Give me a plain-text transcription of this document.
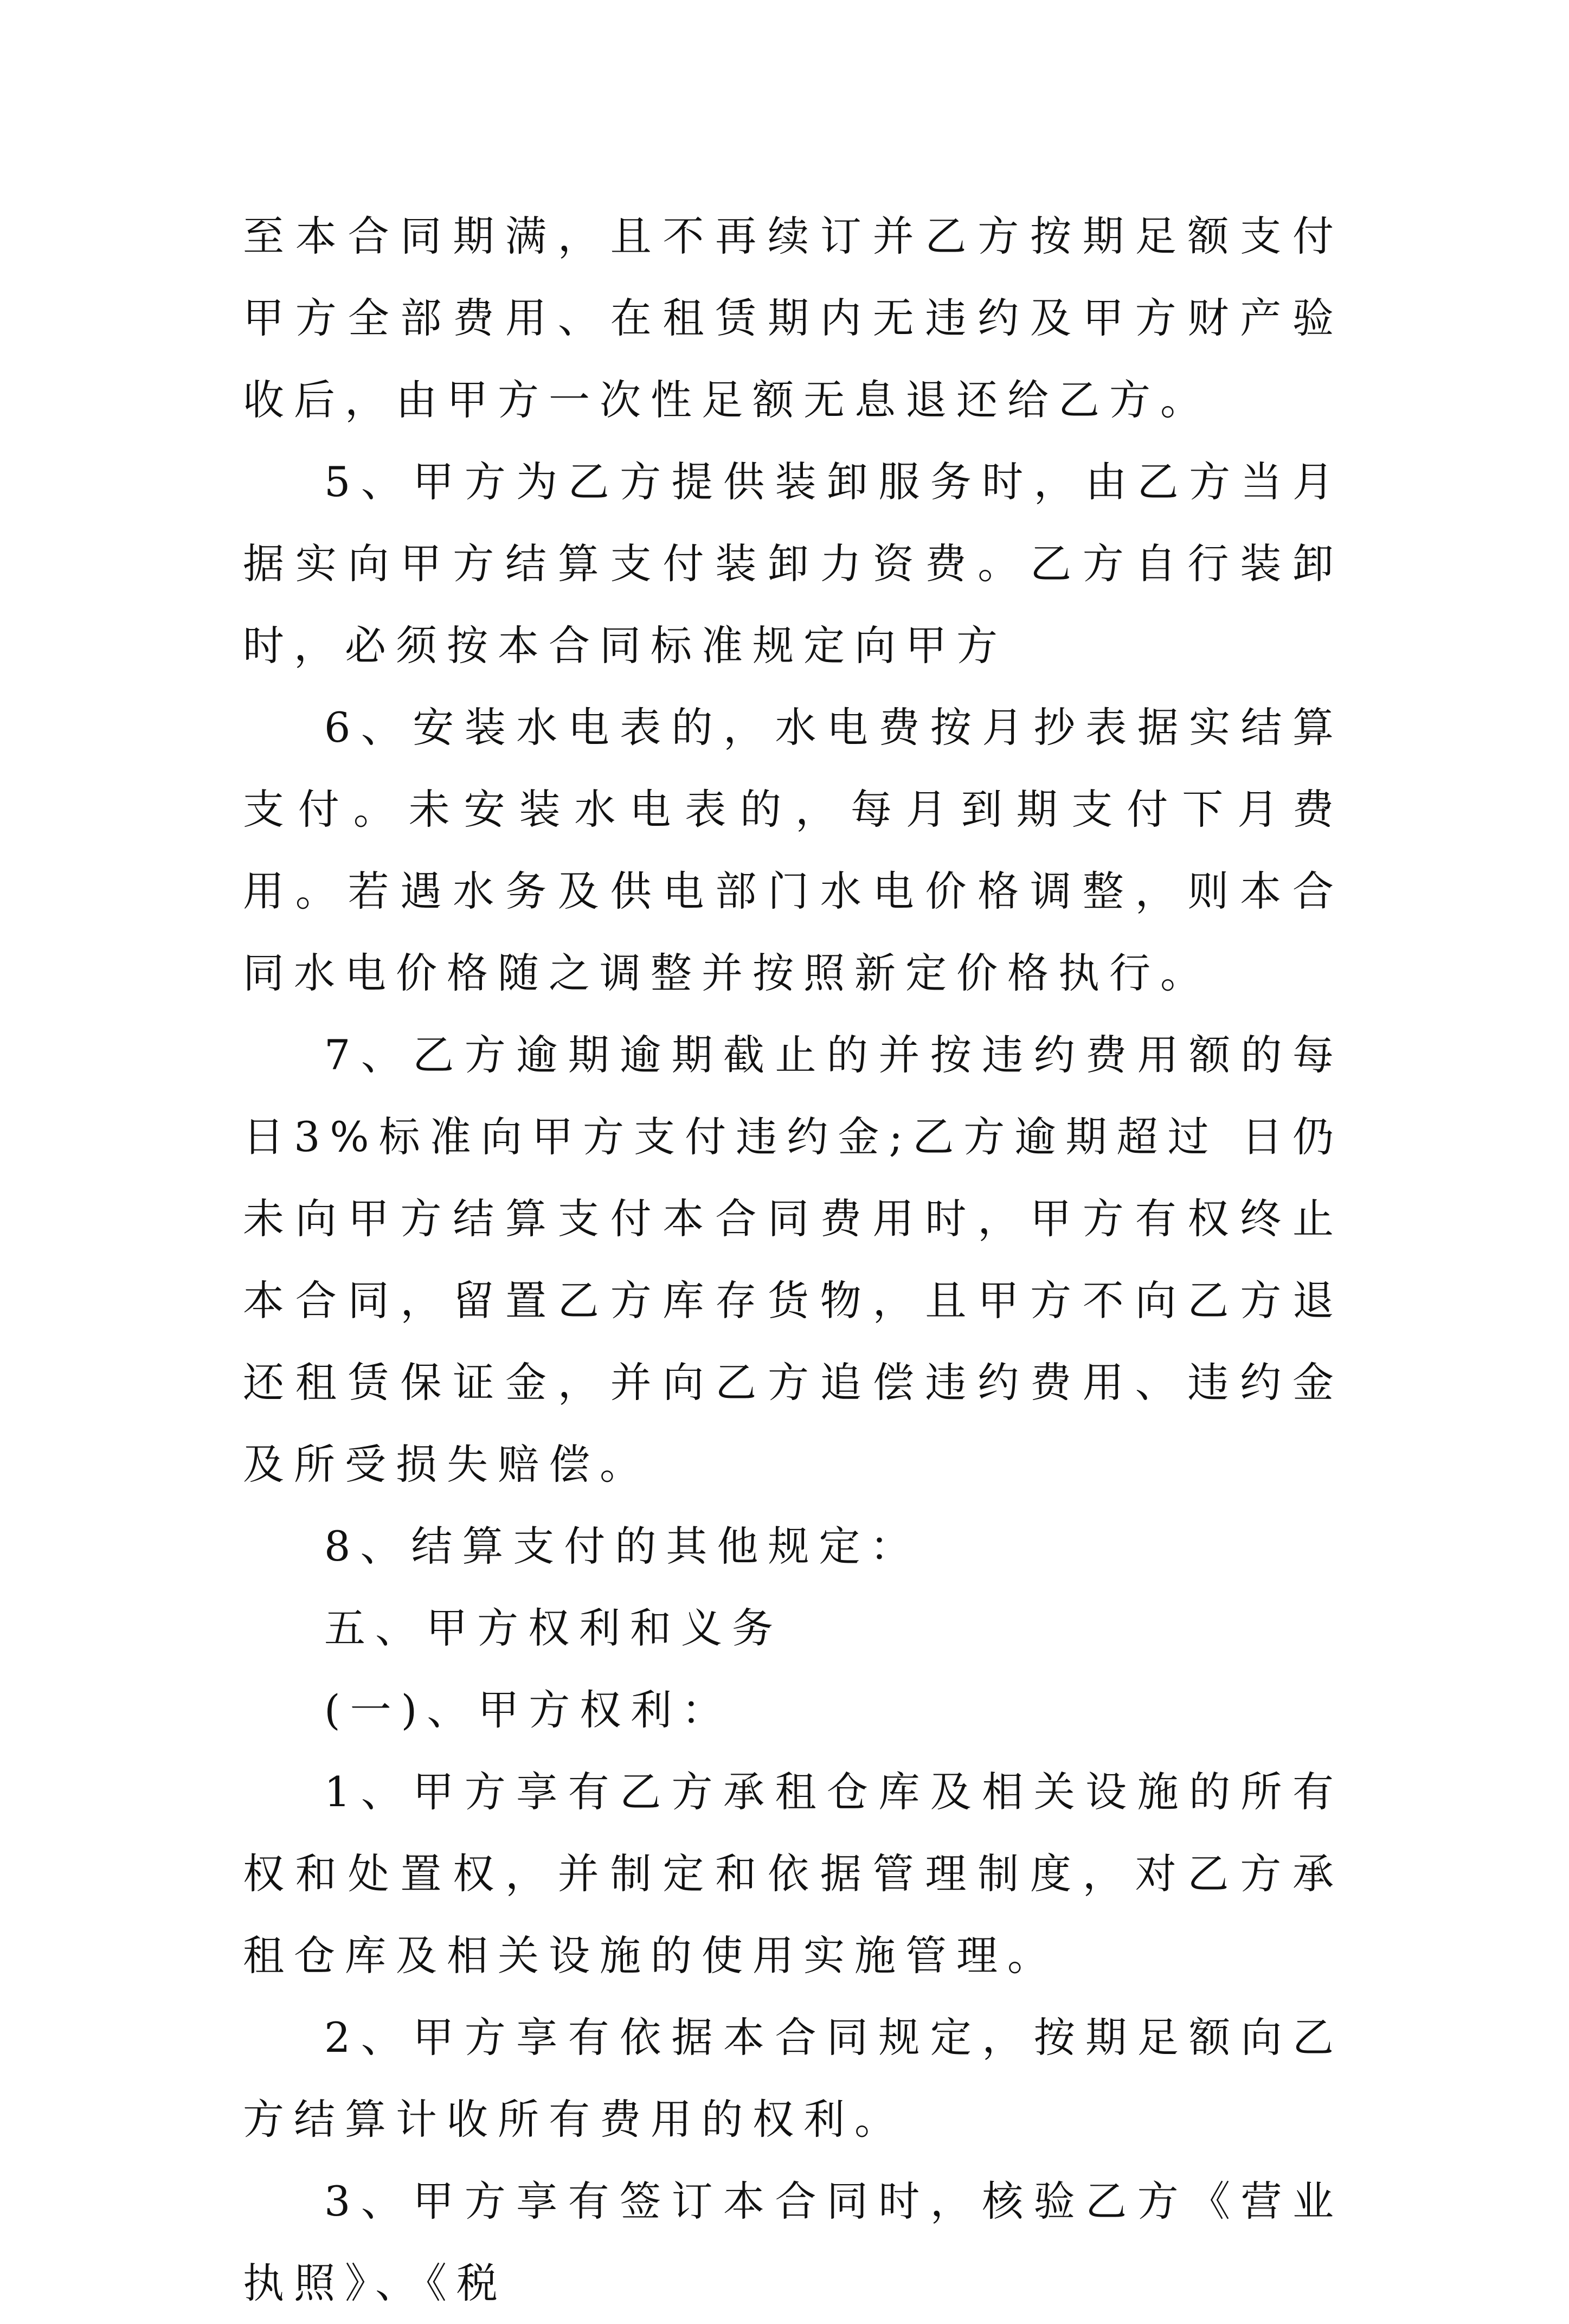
至本合同期满，且不再续订并乙方按期足额支付甲方全部费用、在租赁期内无违约及甲方财产验收后，由甲方一次性足额无息退还给乙方。

5、甲方为乙方提供装卸服务时，由乙方当月据实向甲方结算支付装卸力资费。乙方自行装卸时，必须按本合同标准规定向甲方

6、安装水电表的，水电费按月抄表据实结算支付。未安装水电表的，每月到期支付下月费用。若遇水务及供电部门水电价格调整，则本合同水电价格随之调整并按照新定价格执行。

7、乙方逾期逾期截止的并按违约费用额的每日3%标准向甲方支付违约金;乙方逾期超过 日仍未向甲方结算支付本合同费用时，甲方有权终止本合同，留置乙方库存货物，且甲方不向乙方退还租赁保证金，并向乙方追偿违约费用、违约金及所受损失赔偿。

8、结算支付的其他规定：

五、甲方权利和义务

(一)、甲方权利：

1、甲方享有乙方承租仓库及相关设施的所有权和处置权，并制定和依据管理制度，对乙方承租仓库及相关设施的使用实施管理。

2、甲方享有依据本合同规定，按期足额向乙方结算计收所有费用的权利。

3、甲方享有签订本合同时，核验乙方《营业执照》、《税
